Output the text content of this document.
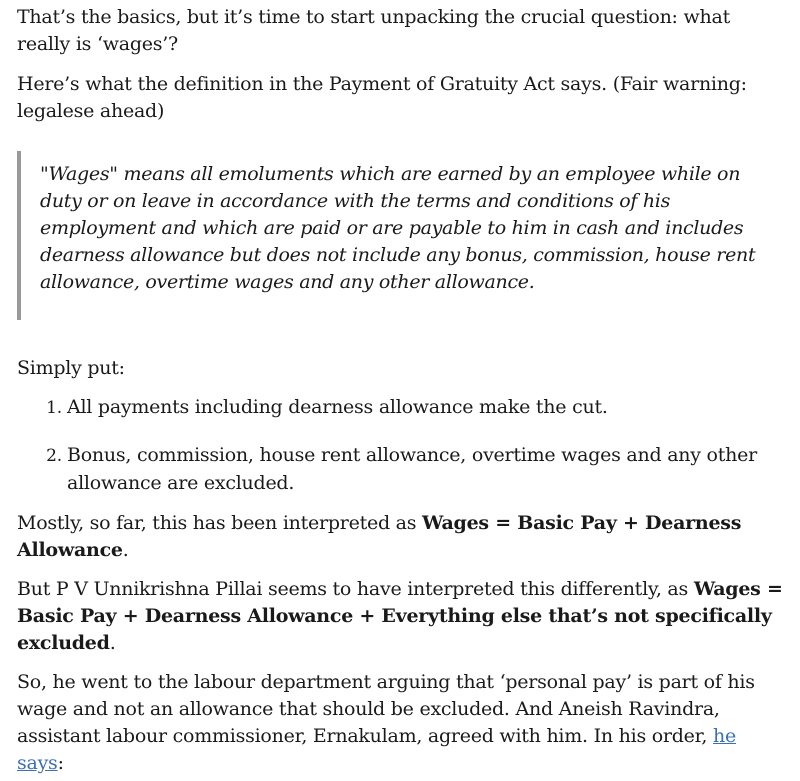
That’s the basics, but it’s time to start unpacking the crucial question: what really is ‘wages’?

Here’s what the definition in the Payment of Gratuity Act says. (Fair warning: legalese ahead)

"Wages" means all emoluments which are earned by an employee while on duty or on leave in accordance with the terms and conditions of his employment and which are paid or are payable to him in cash and includes dearness allowance but does not include any bonus, commission, house rent allowance, overtime wages and any other allowance.

Simply put:

1. All payments including dearness allowance make the cut.
2. Bonus, commission, house rent allowance, overtime wages and any other allowance are excluded.

Mostly, so far, this has been interpreted as Wages = Basic Pay + Dearness Allowance.

But P V Unnikrishna Pillai seems to have interpreted this differently, as Wages = Basic Pay + Dearness Allowance + Everything else that’s not specifically excluded.

So, he went to the labour department arguing that ‘personal pay’ is part of his wage and not an allowance that should be excluded. And Aneish Ravindra, assistant labour commissioner, Ernakulam, agreed with him. In his order, he says:
